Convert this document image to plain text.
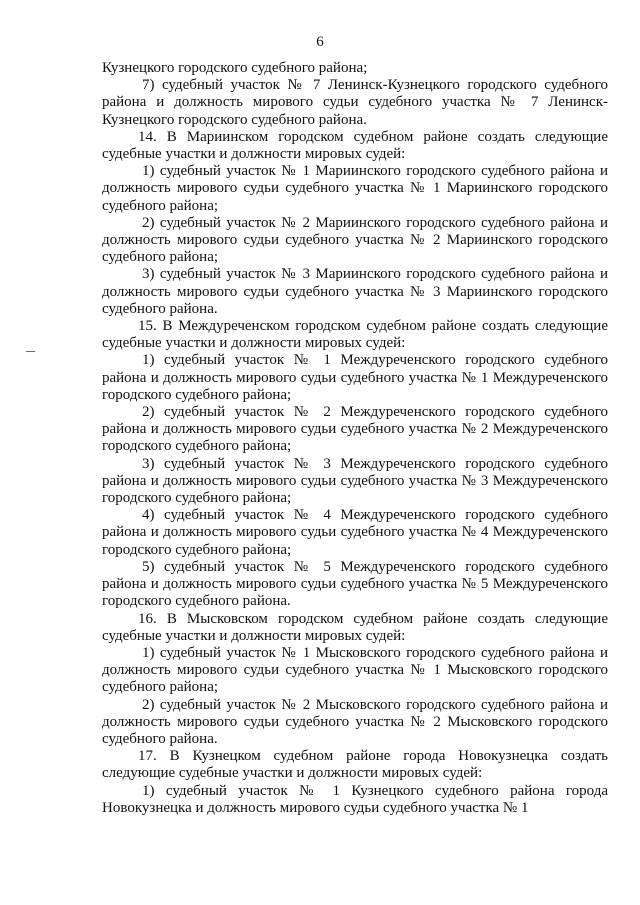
6

Кузнецкого городского судебного района;

7) судебный участок № 7 Ленинск-Кузнецкого городского судебного района и должность мирового судьи судебного участка № 7 Ленинск-Кузнецкого городского судебного района.

14. В Мариинском городском судебном районе создать следующие судебные участки и должности мировых судей:

1) судебный участок № 1 Мариинского городского судебного района и должность мирового судьи судебного участка № 1 Мариинского городского судебного района;

2) судебный участок № 2 Мариинского городского судебного района и должность мирового судьи судебного участка № 2 Мариинского городского судебного района;

3) судебный участок № 3 Мариинского городского судебного района и должность мирового судьи судебного участка № 3 Мариинского городского судебного района.

15. В Междуреченском городском судебном районе создать следующие судебные участки и должности мировых судей:

1) судебный участок № 1 Междуреченского городского судебного района и должность мирового судьи судебного участка № 1 Междуреченского городского судебного района;

2) судебный участок № 2 Междуреченского городского судебного района и должность мирового судьи судебного участка № 2 Междуреченского городского судебного района;

3) судебный участок № 3 Междуреченского городского судебного района и должность мирового судьи судебного участка № 3 Междуреченского городского судебного района;

4) судебный участок № 4 Междуреченского городского судебного района и должность мирового судьи судебного участка № 4 Междуреченского городского судебного района;

5) судебный участок № 5 Междуреченского городского судебного района и должность мирового судьи судебного участка № 5 Междуреченского городского судебного района.

16. В Мысковском городском судебном районе создать следующие судебные участки и должности мировых судей:

1) судебный участок № 1 Мысковского городского судебного района и должность мирового судьи судебного участка № 1 Мысковского городского судебного района;

2) судебный участок № 2 Мысковского городского судебного района и должность мирового судьи судебного участка № 2 Мысковского городского судебного района.

17. В Кузнецком судебном районе города Новокузнецка создать следующие судебные участки и должности мировых судей:

1) судебный участок № 1 Кузнецкого судебного района города Новокузнецка и должность мирового судьи судебного участка № 1
